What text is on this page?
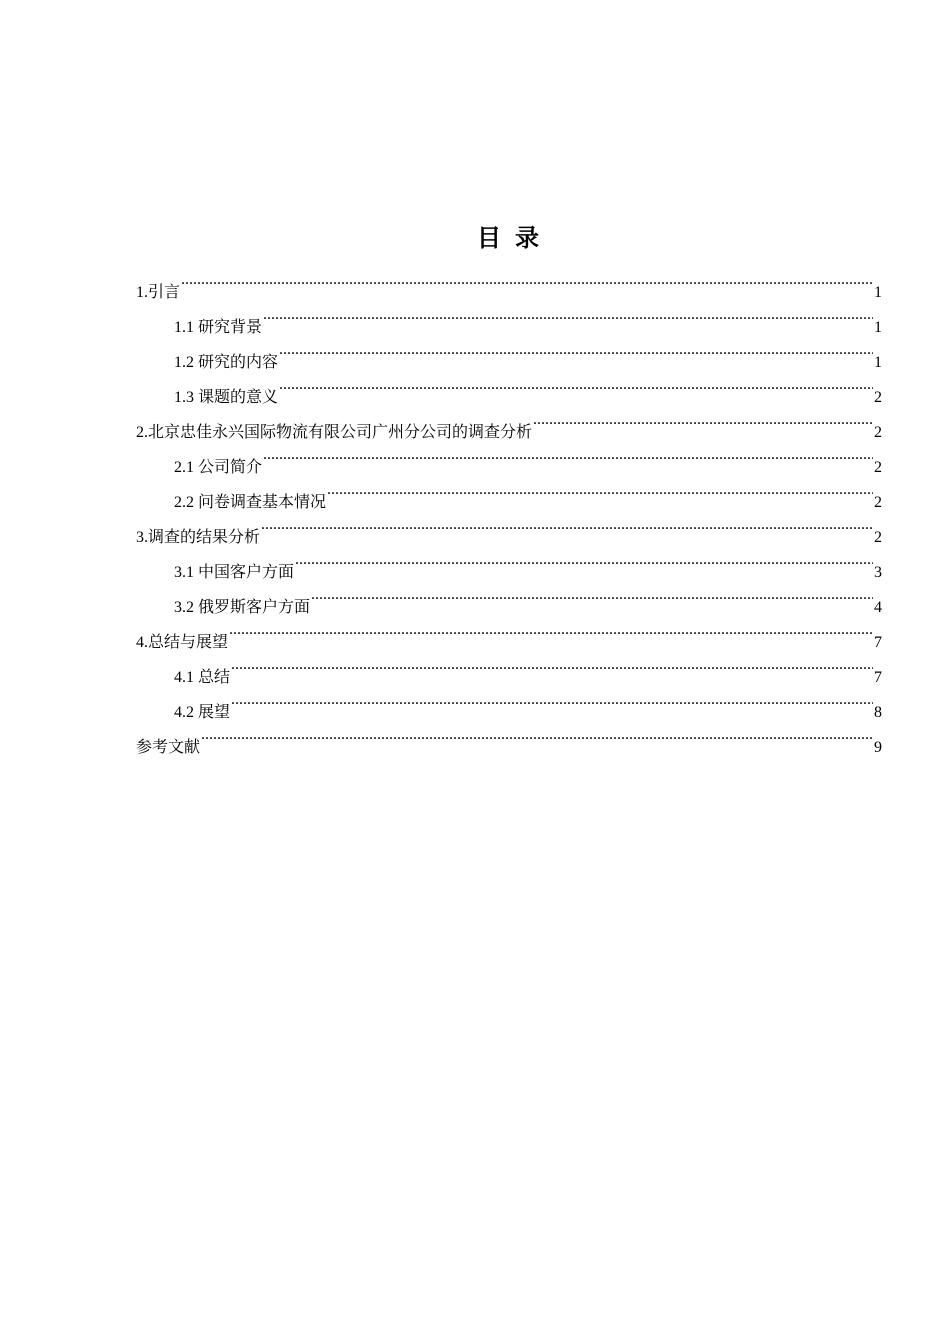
目 录
1.引言 .....	1
1.1 研究背景 .....	1
1.2 研究的内容 .....	1
1.3 课题的意义 .....	2
2.北京忠佳永兴国际物流有限公司广州分公司的调查分析 .....	2
2.1 公司简介 .....	2
2.2 问卷调查基本情况 .....	2
3.调查的结果分析 .....	2
3.1 中国客户方面 .....	3
3.2 俄罗斯客户方面 .....	4
4.总结与展望 .....	7
4.1 总结 .....	7
4.2 展望 .....	8
参考文献 .....	9
